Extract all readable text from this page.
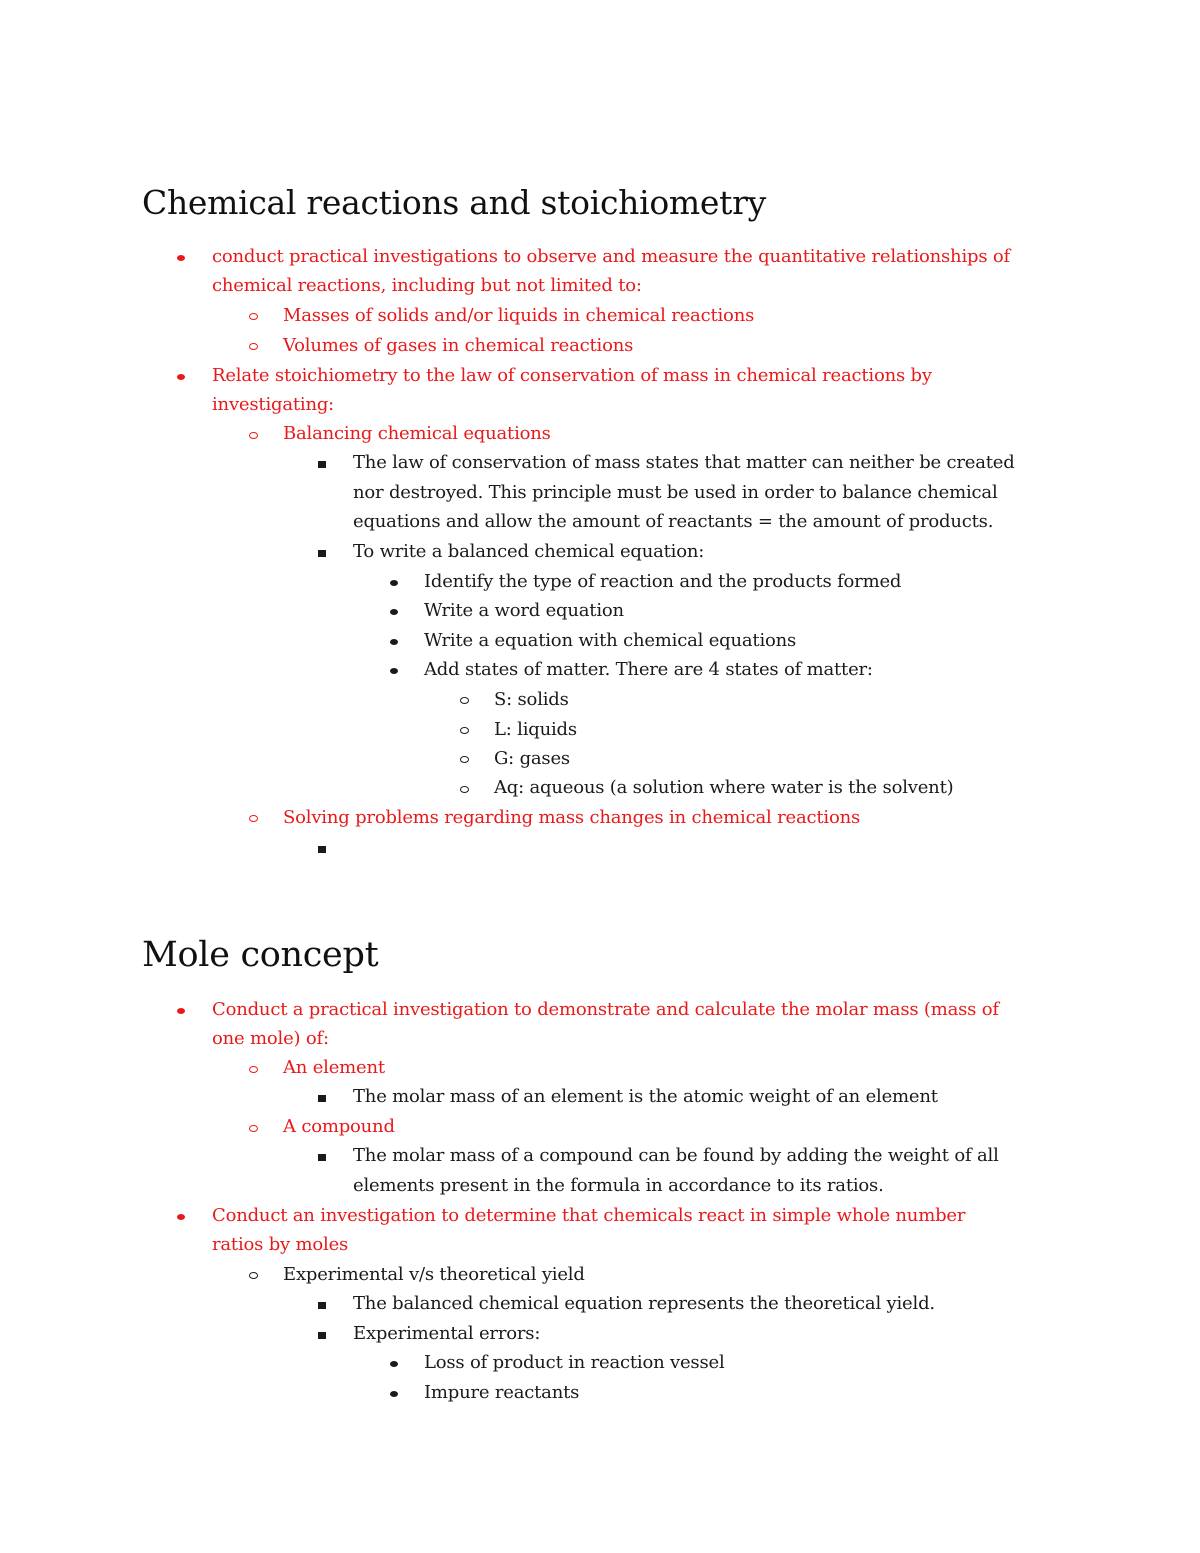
Chemical reactions and stoichiometry
conduct practical investigations to observe and measure the quantitative relationships of
chemical reactions, including but not limited to:
Masses of solids and/or liquids in chemical reactions
Volumes of gases in chemical reactions
Relate stoichiometry to the law of conservation of mass in chemical reactions by
investigating:
Balancing chemical equations
The law of conservation of mass states that matter can neither be created
nor destroyed. This principle must be used in order to balance chemical
equations and allow the amount of reactants = the amount of products.
To write a balanced chemical equation:
Identify the type of reaction and the products formed
Write a word equation
Write a equation with chemical equations
Add states of matter. There are 4 states of matter:
S: solids
L: liquids
G: gases
Aq: aqueous (a solution where water is the solvent)
Solving problems regarding mass changes in chemical reactions
Mole concept
Conduct a practical investigation to demonstrate and calculate the molar mass (mass of
one mole) of:
An element
The molar mass of an element is the atomic weight of an element
A compound
The molar mass of a compound can be found by adding the weight of all
elements present in the formula in accordance to its ratios.
Conduct an investigation to determine that chemicals react in simple whole number
ratios by moles
Experimental v/s theoretical yield
The balanced chemical equation represents the theoretical yield.
Experimental errors:
Loss of product in reaction vessel
Impure reactants
